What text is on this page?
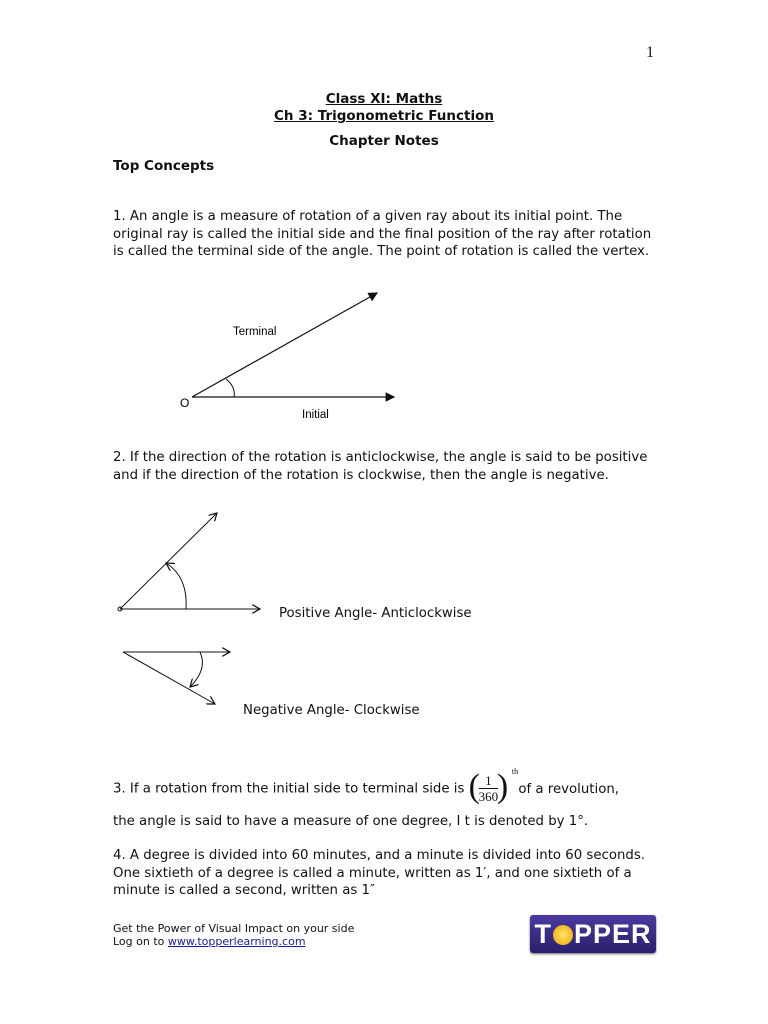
1
Class XI: Maths
Ch 3: Trigonometric Function
Chapter Notes
Top Concepts
1. An angle is a measure of rotation of a given ray about its initial point. The original ray is called the initial side and the final position of the ray after rotation is called the terminal side of the angle. The point of rotation is called the vertex.
Terminal
Initial
O
2. If the direction of the rotation is anticlockwise, the angle is said to be positive and if the direction of the rotation is clockwise, then the angle is negative.
Positive Angle- Anticlockwise
Negative Angle- Clockwise
3. If a rotation from the initial side to terminal side is ( 1
360
) th
of a revolution,
the angle is said to have a measure of one degree, I t is denoted by 1°.
4. A degree is divided into 60 minutes, and a minute is divided into 60 seconds. One sixtieth of a degree is called a minute, written as 1′, and one sixtieth of a minute is called a second, written as 1″
Get the Power of Visual Impact on your side
Log on to www.topperlearning.com	T PPER
